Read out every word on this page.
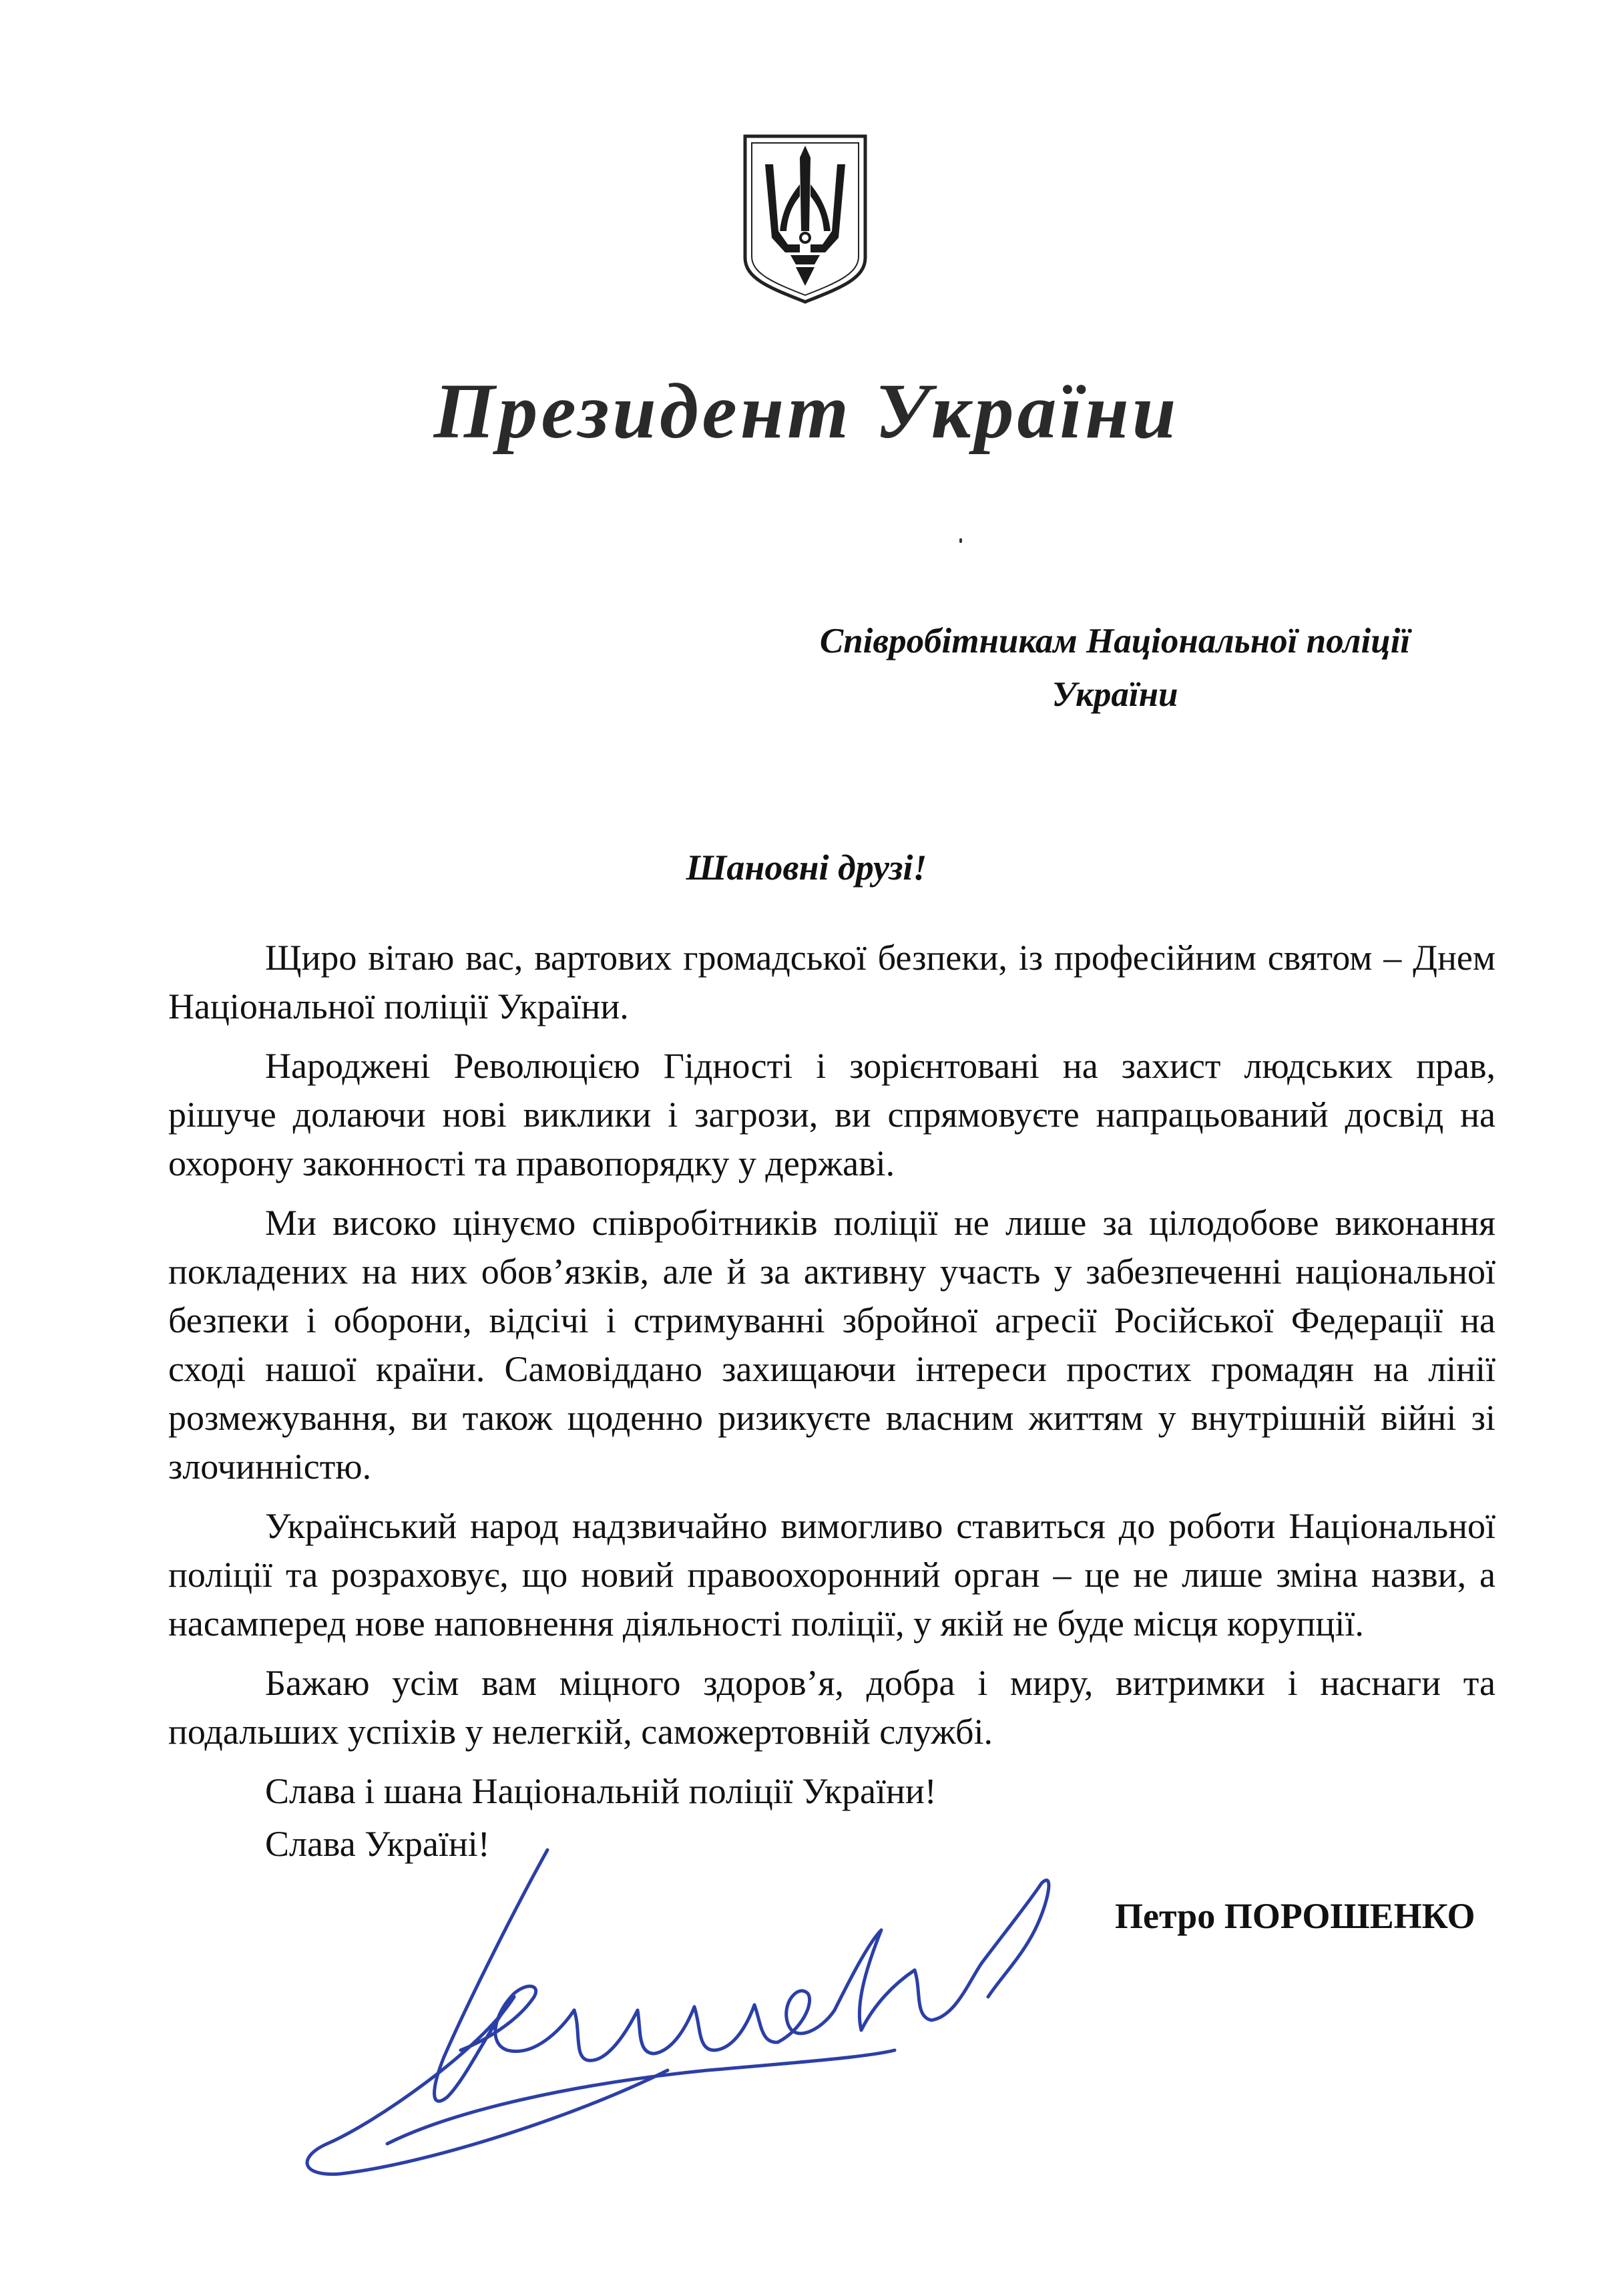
Президент України
Співробітникам Національної поліції
України

Шановні друзі!

Щиро вітаю вас, вартових громадської безпеки, із професійним святом – Днем Національної поліції України.

Народжені Революцією Гідності і зорієнтовані на захист людських прав, рішуче долаючи нові виклики і загрози, ви спрямовуєте напрацьований досвід на охорону законності та правопорядку у державі.

Ми високо цінуємо співробітників поліції не лише за цілодобове виконання покладених на них обов’язків, але й за активну участь у забезпеченні національної безпеки і оборони, відсічі і стримуванні збройної агресії Російської Федерації на сході нашої країни. Самовіддано захищаючи інтереси простих громадян на лінії розмежування, ви також щоденно ризикуєте власним життям у внутрішній війні зі злочинністю.

Український народ надзвичайно вимогливо ставиться до роботи Національної поліції та розраховує, що новий правоохоронний орган – це не лише зміна назви, а насамперед нове наповнення діяльності поліції, у якій не буде місця корупції.

Бажаю усім вам міцного здоров’я, добра і миру, витримки і наснаги та подальших успіхів у нелегкій, саможертовній службі.

Слава і шана Національній поліції України!

Слава Україні!

Петро ПОРОШЕНКО
